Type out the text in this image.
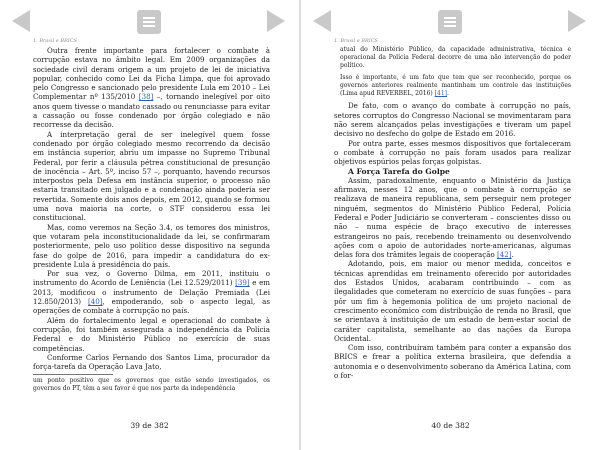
1. Brasil e BRICS

Outra frente importante para fortalecer o combate à corrupção estava no âmbito legal. Em 2009 organizações da sociedade civil deram origem a um projeto de lei de iniciativa popular, conhecido como Lei da Ficha Limpa, que foi aprovado pelo Congresso e sancionado pelo presidente Lula em 2010 – Lei Complementar nº 135/2010 [38] –, tornando inelegível por oito anos quem tivesse o mandato cassado ou renunciasse para evitar a cassação ou fosse condenado por órgão colegiado e não recorresse da decisão.

A interpretação geral de ser inelegível quem fosse condenado por órgão colegiado mesmo recorrendo da decisão em instância superior, abriu um impasse no Supremo Tribunal Federal, por ferir a cláusula pétrea constitucional de presunção de inocência – Art. 5º, inciso 57 –, porquanto, havendo recursos interpostos pela Defesa em instância superior, o processo não estaria transitado em julgado e a condenação ainda poderia ser revertida. Somente dois anos depois, em 2012, quando se formou uma nova maioria na corte, o STF considerou essa lei constitucional.

Mas, como veremos na Seção 3.4, os temores dos ministros, que votaram pela inconstitucionalidade da lei, se confirmaram posteriormente, pelo uso político desse dispositivo na segunda fase do golpe de 2016, para impedir a candidatura do ex-presidente Lula à presidência do país.

Por sua vez, o Governo Dilma, em 2011, instituiu o instrumento do Acordo de Leniência (Lei 12.529/2011) [39] e em 2013, modificou o instrumento de Delação Premiada (Lei 12.850/2013) [40], empoderando, sob o aspecto legal, as operações de combate à corrupção no país.

Além do fortalecimento legal e operacional do combate à corrupção, foi também assegurada a independência da Polícia Federal e do Ministério Público no exercício de suas competências.

Conforme Carlos Fernando dos Santos Lima, procurador da força-tarefa da Operação Lava Jato,

um ponto positivo que os governos que estão sendo investigados, os governos do PT, têm a seu favor é que nos parte da independência
39 de 382
1. Brasil e BRICS
atual do Ministério Público, da capacidade administrativa, técnica e operacional da Polícia Federal decorre de uma não intervenção do poder político.
Isso é importante, é um fato que tem que ser reconhecido, porque os governos anteriores realmente mantinham um controle das instituições (Lima apud REVERBEL, 2016) [41].

De fato, com o avanço do combate à corrupção no país, setores corruptos do Congresso Nacional se movimentaram para não serem alcançados pelas investigações e tiveram um papel decisivo no desfecho do golpe de Estado em 2016.

Por outra parte, esses mesmos dispositivos que fortaleceram o combate à corrupção no país foram usados para realizar objetivos espúrios pelas forças golpistas.

A Força Tarefa do Golpe

Assim, paradoxalmente, enquanto o Ministério da Justiça afirmava, nesses 12 anos, que o combate à corrupção se realizava de maneira republicana, sem perseguir nem proteger ninguém, segmentos do Ministério Público Federal, Polícia Federal e Poder Judiciário se converteram – conscientes disso ou não – numa espécie de braço executivo de interesses estrangeiros no país, recebendo treinamento ou desenvolvendo ações com o apoio de autoridades norte-americanas, algumas delas fora dos trâmites legais de cooperação [42].

Adotando, pois, em maior ou menor medida, conceitos e técnicas aprendidas em treinamento oferecido por autoridades dos Estados Unidos, acabaram contribuindo – com as ilegalidades que cometeram no exercício de suas funções – para pôr um fim à hegemonia política de um projeto nacional de crescimento econômico com distribuição de renda no Brasil, que se orientava à instituição de um estado de bem-estar social de caráter capitalista, semelhante ao das nações da Europa Ocidental.

Com isso, contribuíram também para conter a expansão dos BRICS e frear a política externa brasileira, que defendia a autonomia e o desenvolvimento soberano da América Latina, com o for-

40 de 382
